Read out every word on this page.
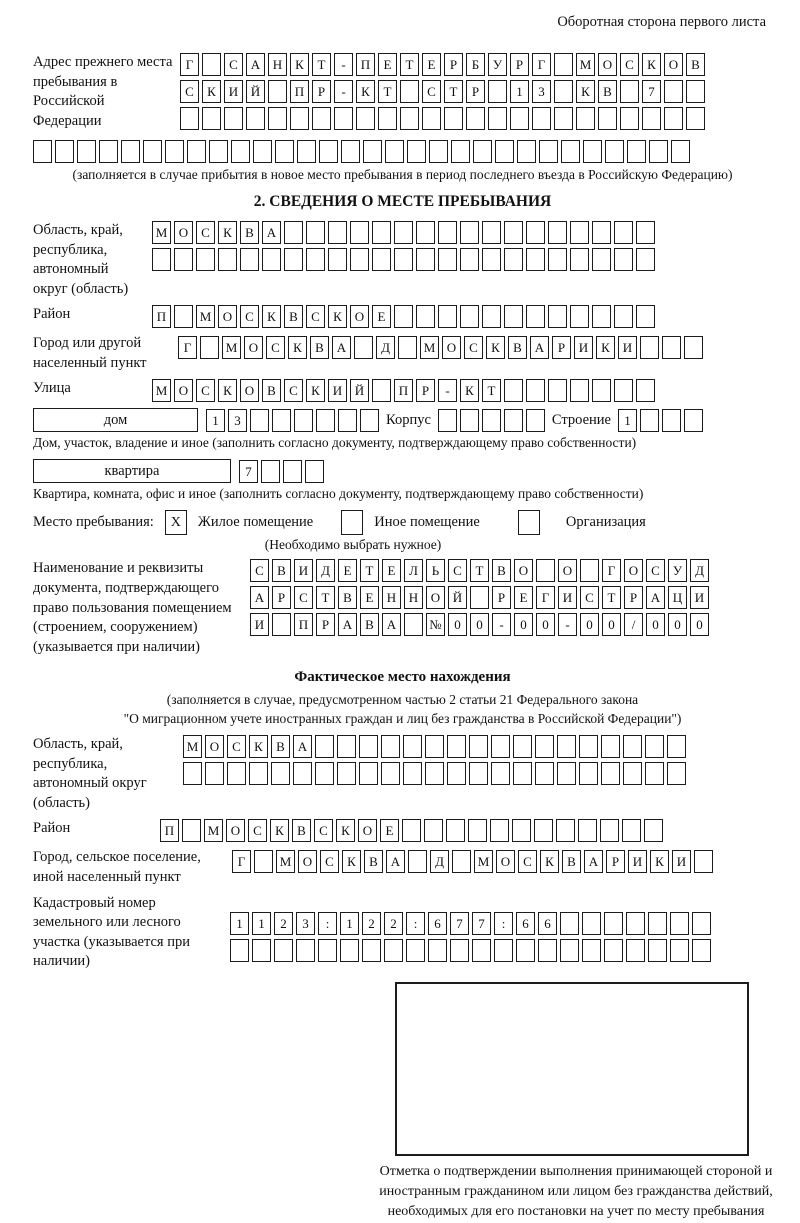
Оборотная сторона первого листа
Адрес прежнего места пребывания в Российской Федерации
Г	С А Н К	Т	-	П	Е	Т	Е	Р	Б	У	Р	Г	М О С	К О В
С	К И Й	П	Р	-	К	Т	С	Т	Р	1	3	К	В	7
(заполняется в случае прибытия в новое место пребывания в период последнего въезда в Российскую Федерацию)
2. СВЕДЕНИЯ О МЕСТЕ ПРЕБЫВАНИЯ
Область, край, республика, автономный округ (область)
М О С	К	В А
Район	П	М О С	К	В	С	К О	Е
Город или другой населенный пункт
Г	М О С	К	В А	Д	М О С	К	В А	Р	И К И
Улица	М О С	К О В	С	К И Й	П	Р	-	К	Т
дом	1	3	Корпус	Строение	1
Дом, участок, владение и иное (заполнить согласно документу, подтверждающему право собственности)
квартира	7
Квартира, комната, офис и иное (заполнить согласно документу, подтверждающему право собственности)
Место пребывания:	X	Жилое помещение	Иное помещение	Организация
(Необходимо выбрать нужное)
Наименование и реквизиты документа, подтверждающего право пользования помещением (строением, сооружением) (указывается при наличии)
С	В И Д	Е	Т	Е	Л	Ь	С	Т	В О	О	Г	О С	У Д
А	Р	С	Т	В	Е	Н Н О Й	Р	Е	Г	И С	Т	Р	А Ц И
И	П	Р	А В А	№ 0	0	-	0	0	-	0	0	/	0	0	0
Фактическое место нахождения
(заполняется в случае, предусмотренном частью 2 статьи 21 Федерального закона
"О миграционном учете иностранных граждан и лиц без гражданства в Российской Федерации")
Область, край, республика, автономный округ (область)
М О С	К	В А
Район	П	М О С	К	В	С	К О	Е
Город, сельское поселение, иной населенный пункт
Г	М О С	К	В А	Д	М О С	К	В А	Р	И К И
Кадастровый номер земельного или лесного участка (указывается при наличии)
1	1	2	3	:	1	2	2	:	6	7	7	:	6	6
Отметка о подтверждении выполнения принимающей стороной и иностранным гражданином или лицом без гражданства действий, необходимых для его постановки на учет по месту пребывания
